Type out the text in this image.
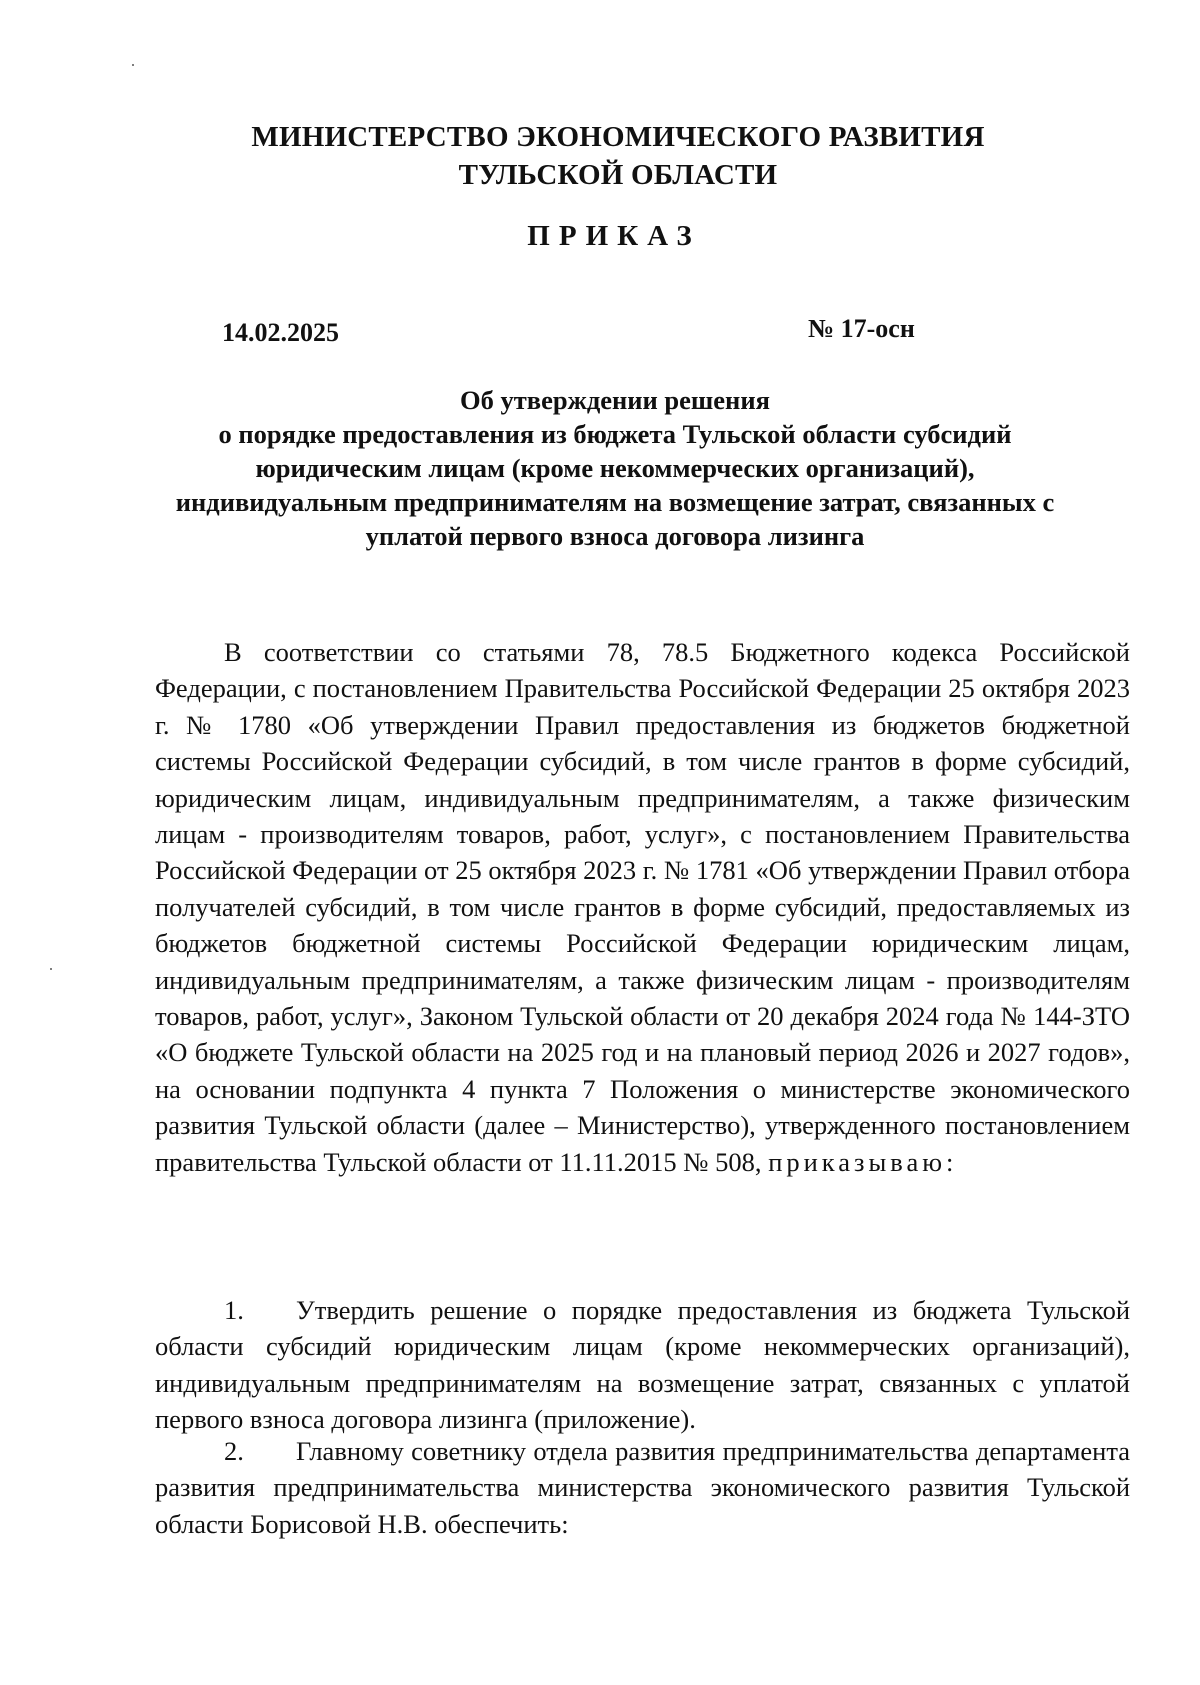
МИНИСТЕРСТВО ЭКОНОМИЧЕСКОГО РАЗВИТИЯ
ТУЛЬСКОЙ ОБЛАСТИ
ПРИКАЗ
14.02.2025	№ 17-осн
Об утверждении решения
о порядке предоставления из бюджета Тульской области субсидий
юридическим лицам (кроме некоммерческих организаций),
индивидуальным предпринимателям на возмещение затрат, связанных с
уплатой первого взноса договора лизинга

В соответствии со статьями 78, 78.5 Бюджетного кодекса Российской Федерации, с постановлением Правительства Российской Федерации 25 октября 2023 г. № 1780 «Об утверждении Правил предоставления из бюджетов бюджетной системы Российской Федерации субсидий, в том числе грантов в форме субсидий, юридическим лицам, индивидуальным предпринимателям, а также физическим лицам - производителям товаров, работ, услуг», с постановлением Правительства Российской Федерации от 25 октября 2023 г. № 1781 «Об утверждении Правил отбора получателей субсидий, в том числе грантов в форме субсидий, предоставляемых из бюджетов бюджетной системы Российской Федерации юридическим лицам, индивидуальным предпринимателям, а также физическим лицам - производителям товаров, работ, услуг», Законом Тульской области от 20 декабря 2024 года № 144-ЗТО «О бюджете Тульской области на 2025 год и на плановый период 2026 и 2027 годов», на основании подпункта 4 пункта 7 Положения о министерстве экономического развития Тульской области (далее – Министерство), утвержденного постановлением правительства Тульской области от 11.11.2015 № 508, приказываю:

1. Утвердить решение о порядке предоставления из бюджета Тульской области субсидий юридическим лицам (кроме некоммерческих организаций), индивидуальным предпринимателям на возмещение затрат, связанных с уплатой первого взноса договора лизинга (приложение).

2. Главному советнику отдела развития предпринимательства департамента развития предпринимательства министерства экономического развития Тульской области Борисовой Н.В. обеспечить:
